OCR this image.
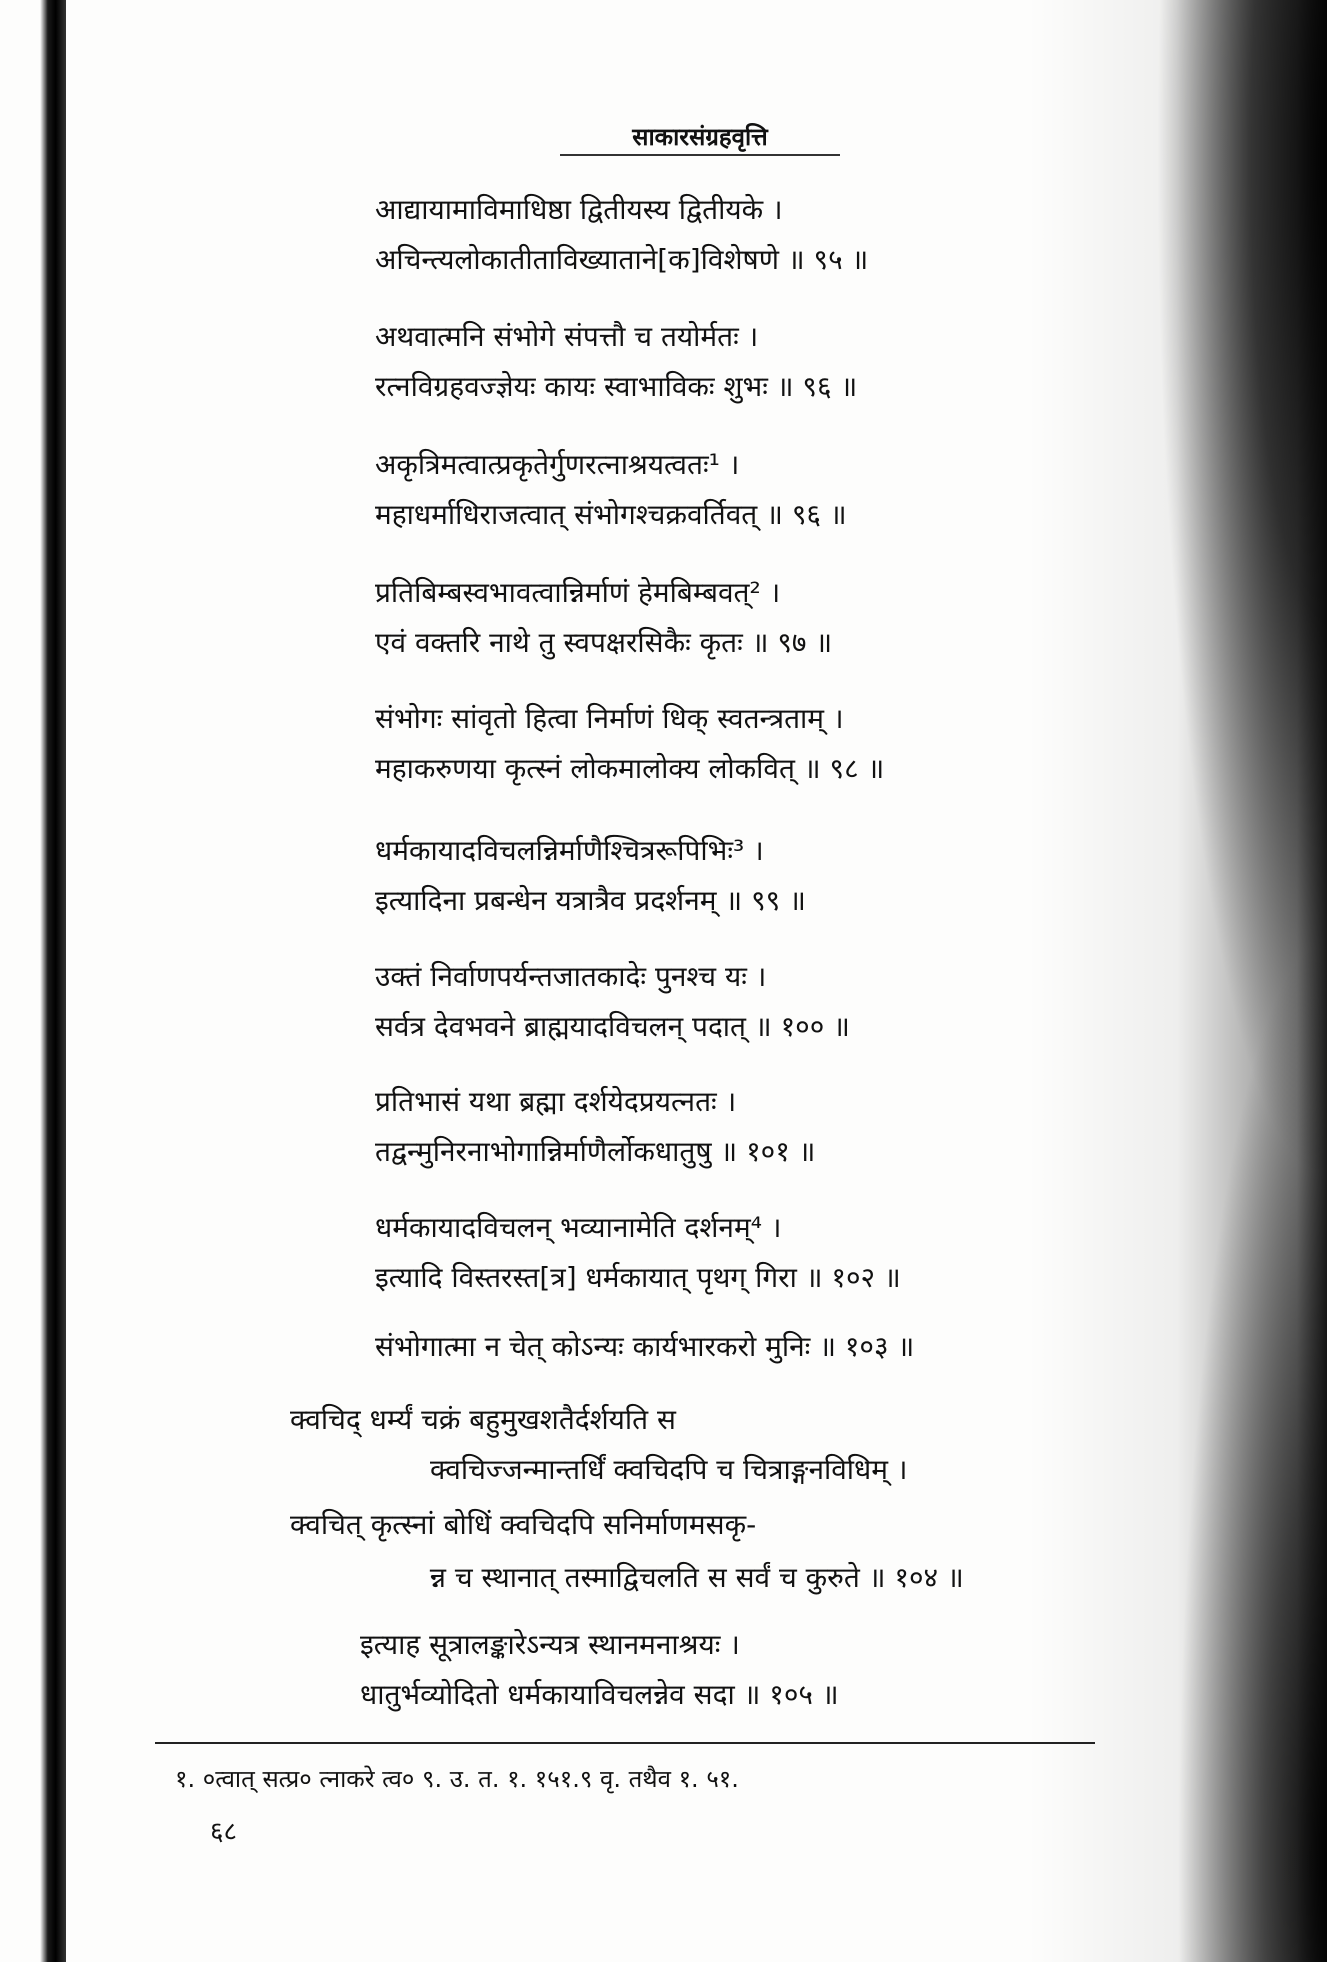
साकारसंग्रहवृत्ति
आद्यायामाविमाधिष्ठा द्वितीयस्य द्वितीयके ।
अचिन्त्यलोकातीताविख्याताने[क]विशेषणे ॥ ९५ ॥
अथवात्मनि संभोगे संपत्तौ च तयोर्मतः ।
रत्नविग्रहवज्ज्ञेयः कायः स्वाभाविकः शुभः ॥ ९६ ॥
अकृत्रिमत्वात्प्रकृतेर्गुणरत्नाश्रयत्वतः¹ ।
महाधर्माधिराजत्वात् संभोगश्चक्रवर्तिवत् ॥ ९६ ॥
प्रतिबिम्बस्वभावत्वान्निर्माणं हेमबिम्बवत्² ।
एवं वक्तरि नाथे तु स्वपक्षरसिकैः कृतः ॥ ९७ ॥
संभोगः सांवृतो हित्वा निर्माणं धिक् स्वतन्त्रताम् ।
महाकरुणया कृत्स्नं लोकमालोक्य लोकवित् ॥ ९८ ॥
धर्मकायादविचलन्निर्माणैश्चित्ररूपिभिः³ ।
इत्यादिना प्रबन्धेन यत्रात्रैव प्रदर्शनम् ॥ ९९ ॥
उक्तं निर्वाणपर्यन्तजातकादेः पुनश्च यः ।
सर्वत्र देवभवने ब्राह्मयादविचलन् पदात् ॥ १०० ॥
प्रतिभासं यथा ब्रह्मा दर्शयेदप्रयत्नतः ।
तद्वन्मुनिरनाभोगान्निर्माणैर्लोकधातुषु ॥ १०१ ॥
धर्मकायादविचलन् भव्यानामेति दर्शनम्⁴ ।
इत्यादि विस्तरस्त[त्र] धर्मकायात् पृथग् गिरा ॥ १०२ ॥
संभोगात्मा न चेत् कोऽन्यः कार्यभारकरो मुनिः ॥ १०३ ॥
क्वचिद् धर्म्यं चक्रं बहुमुखशतैर्दर्शयति स
क्वचिज्जन्मान्तर्धिं क्वचिदपि च चित्राङ्गनविधिम् ।
क्वचित् कृत्स्नां बोधिं क्वचिदपि सनिर्माणमसकृ-
न्न च स्थानात् तस्माद्विचलति स सर्वं च कुरुते ॥ १०४ ॥
इत्याह सूत्रालङ्कारेऽन्यत्र स्थानमनाश्रयः ।
धातुर्भव्योदितो धर्मकायाविचलन्नेव सदा ॥ १०५ ॥
१. ०त्वात् सत्प्र० त्नाकरे त्व० ९. उ. त. १. १५१.९ वृ. तथैव १. ५१.
६८
